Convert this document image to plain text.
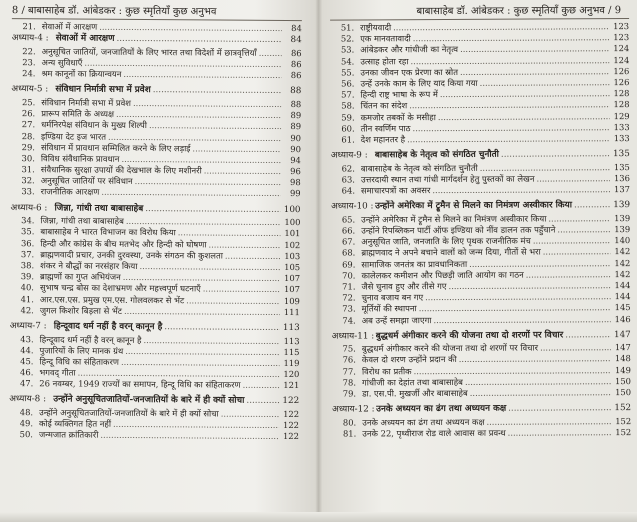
8 / बाबासाहेब डॉ. आंबेडकर : कुछ स्मृतियाँ कुछ अनुभव
21. सेवाओं में आरक्षण .....	84
अध्याय-4 : सेवाओं में आरक्षण .....	84
22. अनुसूचित जातियों, जनजातियों के लिए भारत तथा विदेशों में छात्रवृत्तियाँ .....	86
23. अन्य सुविधाएँ .....	86
24. श्रम कानूनों का क्रियान्वयन .....	86
अध्याय-5 : संविधान निर्मात्री सभा में प्रवेश .....	88
25. संविधान निर्मात्री सभा में प्रवेश .....	88
26. प्रारूप समिति के अध्यक्ष .....	89
27. धर्मनिरपेक्ष संविधान के मुख्य शिल्पी .....	89
28. इण्डिया देट इज भारत .....	90
29. संविधान में प्रावधान सम्मिलित करने के लिए लड़ाई .....	90
30. विविध संवैधानिक प्रावधान .....	94
31. संवैधानिक सुरक्षा उपायों की देखभाल के लिए मशीनरी .....	96
32. अनुसूचित जातियों पर संविधान .....	98
33. राजनीतिक आरक्षण .....	99
अध्याय-6 : जिन्ना, गांधी तथा बाबासाहेब .....	100
34. जिन्ना, गांधी तथा बाबासाहेब .....	100
35. बाबासाहेब ने भारत विभाजन का विरोध किया .....	101
36. हिन्दी और कांग्रेस के बीच मतभेद और हिन्दी को घोषणा .....	102
37. ब्राह्मणवादी प्रचार, उनकी दुरवस्था, उनके संगठन की कुशलता .....	103
38. शंकर ने बौद्धों का नरसंहार किया .....	105
39. ब्राह्मणों का गुप्त अभियंजन .....	107
40. सुभाष चन्द्र बोस का देशाभ्रमण और महत्त्वपूर्ण घटनाएँ .....	107
41. आर.एस.एस. प्रमुख एम.एस. गोलवलकर से भेंट .....	109
42. जुगल किशोर बिड़ला से भेंट .....	111
अध्याय-7 : हिन्दूवाद धर्म नहीं है वरन् कानून है .....	113
43. हिन्दूवाद धर्म नहीं है वरन् कानून है .....	113
44. पुजारियों के लिए मानक ग्रंथ .....	115
45. हिन्दू विधि का संहिताकरण .....	119
46. भगवद् गीता .....	120
47. 26 नवम्बर, 1949 राज्यों का समापन, हिन्दू विधि का संहिताकरण .....	121
अध्याय-8 : उन्होंने अनुसूचितजातियों-जनजातियों के बारे में ही क्यों सोचा .....	122
48. उन्होंने अनुसूचितजातियों-जनजातियों के बारे में ही क्यों सोचा .....	122
49. कोई व्यक्तिगत हित नहीं .....	122
50. जन्मजात क्रांतिकारी .....	122
बाबासाहेब डॉ. आंबेडकर : कुछ स्मृतियाँ कुछ अनुभव / 9
51. राष्ट्रीयवादी .....	123
52. एक मानवतावादी .....	123
53. आंबेडकर और गांधीजी का नेतृत्व .....	124
54. उत्साह होता रहा .....	124
55. उनका जीवन एक प्रेरणा का स्रोत .....	126
56. उन्हें उनके काम के लिए याद किया गया .....	126
57. हिन्दी राष्ट्र भाषा के रूप में .....	128
58. चिंतन का संदेश .....	128
59. कमजोर तबकों के मसीहा .....	129
60. तीन स्वर्णिम पाठ .....	133
61. देश महानतर है .....	133
अध्याय-9 : बाबासाहेब के नेतृत्व को संगठित चुनौती .....	135
62. बाबासाहेब के नेतृत्व को संगठित चुनौती .....	135
63. उत्तरदायी स्थान तथा गांधी मार्गदर्शन हेतु पुस्तकों का लेखन .....	136
64. समाचारपत्रों का अवसर .....	137
अध्याय-10 : उन्होंने अमेरिका में ट्रूमैन से मिलने का निमंत्रण अस्वीकार किया .....	139
65. उन्होंने अमेरिका में ट्रूमैन से मिलने का निमंत्रण अस्वीकार किया .....	139
66. उन्होंने रिपब्लिकन पार्टी ऑफ इण्डिया को नींव डालन तक पहुँचाने .....	139
67. अनुसूचित जाति, जनजाति के लिए पृथक राजनीतिक मंच .....	140
68. ब्राह्मणवाद ने अपने बचाने वालों को जन्म दिया, गीतों से भरा .....	142
69. सामाजिक जनतंत्र का प्रावधानिकता .....	142
70. कालेलकर कमीशन और पिछड़ी जाति आयोग का गठन .....	142
71. जैसे चुनाव हुए और तीसे गए .....	144
72. चुनाव बजाय बन गए .....	144
73. मूर्तियों की स्थापना .....	145
74. अब उन्हें समझा जाएगा .....	146
अध्याय-11 : बुद्धधर्म अंगीकार करने की योजना तथा दो शरणों पर विचार .....	147
75. बुद्धधर्म अंगीकार करने की योजना तथा दो शरणों पर विचार .....	147
76. केवल दो शरण उन्होंने प्रदान की .....	148
77. विरोध का प्रतीक .....	149
78. गांधीजी का देहांत तथा बाबासाहेब .....	150
79. डा. एस.पी. मुखर्जी और बाबासाहेब .....	150
अध्याय-12 : उनके अध्ययन का ढंग तथा अध्ययन कक्ष .....	152
80. उनके अध्ययन का ढंग तथा अध्ययन कक्ष .....	152
81. उनके 22, पृथ्वीराज रोड वाले आवास का प्रवन्ध .....	152
